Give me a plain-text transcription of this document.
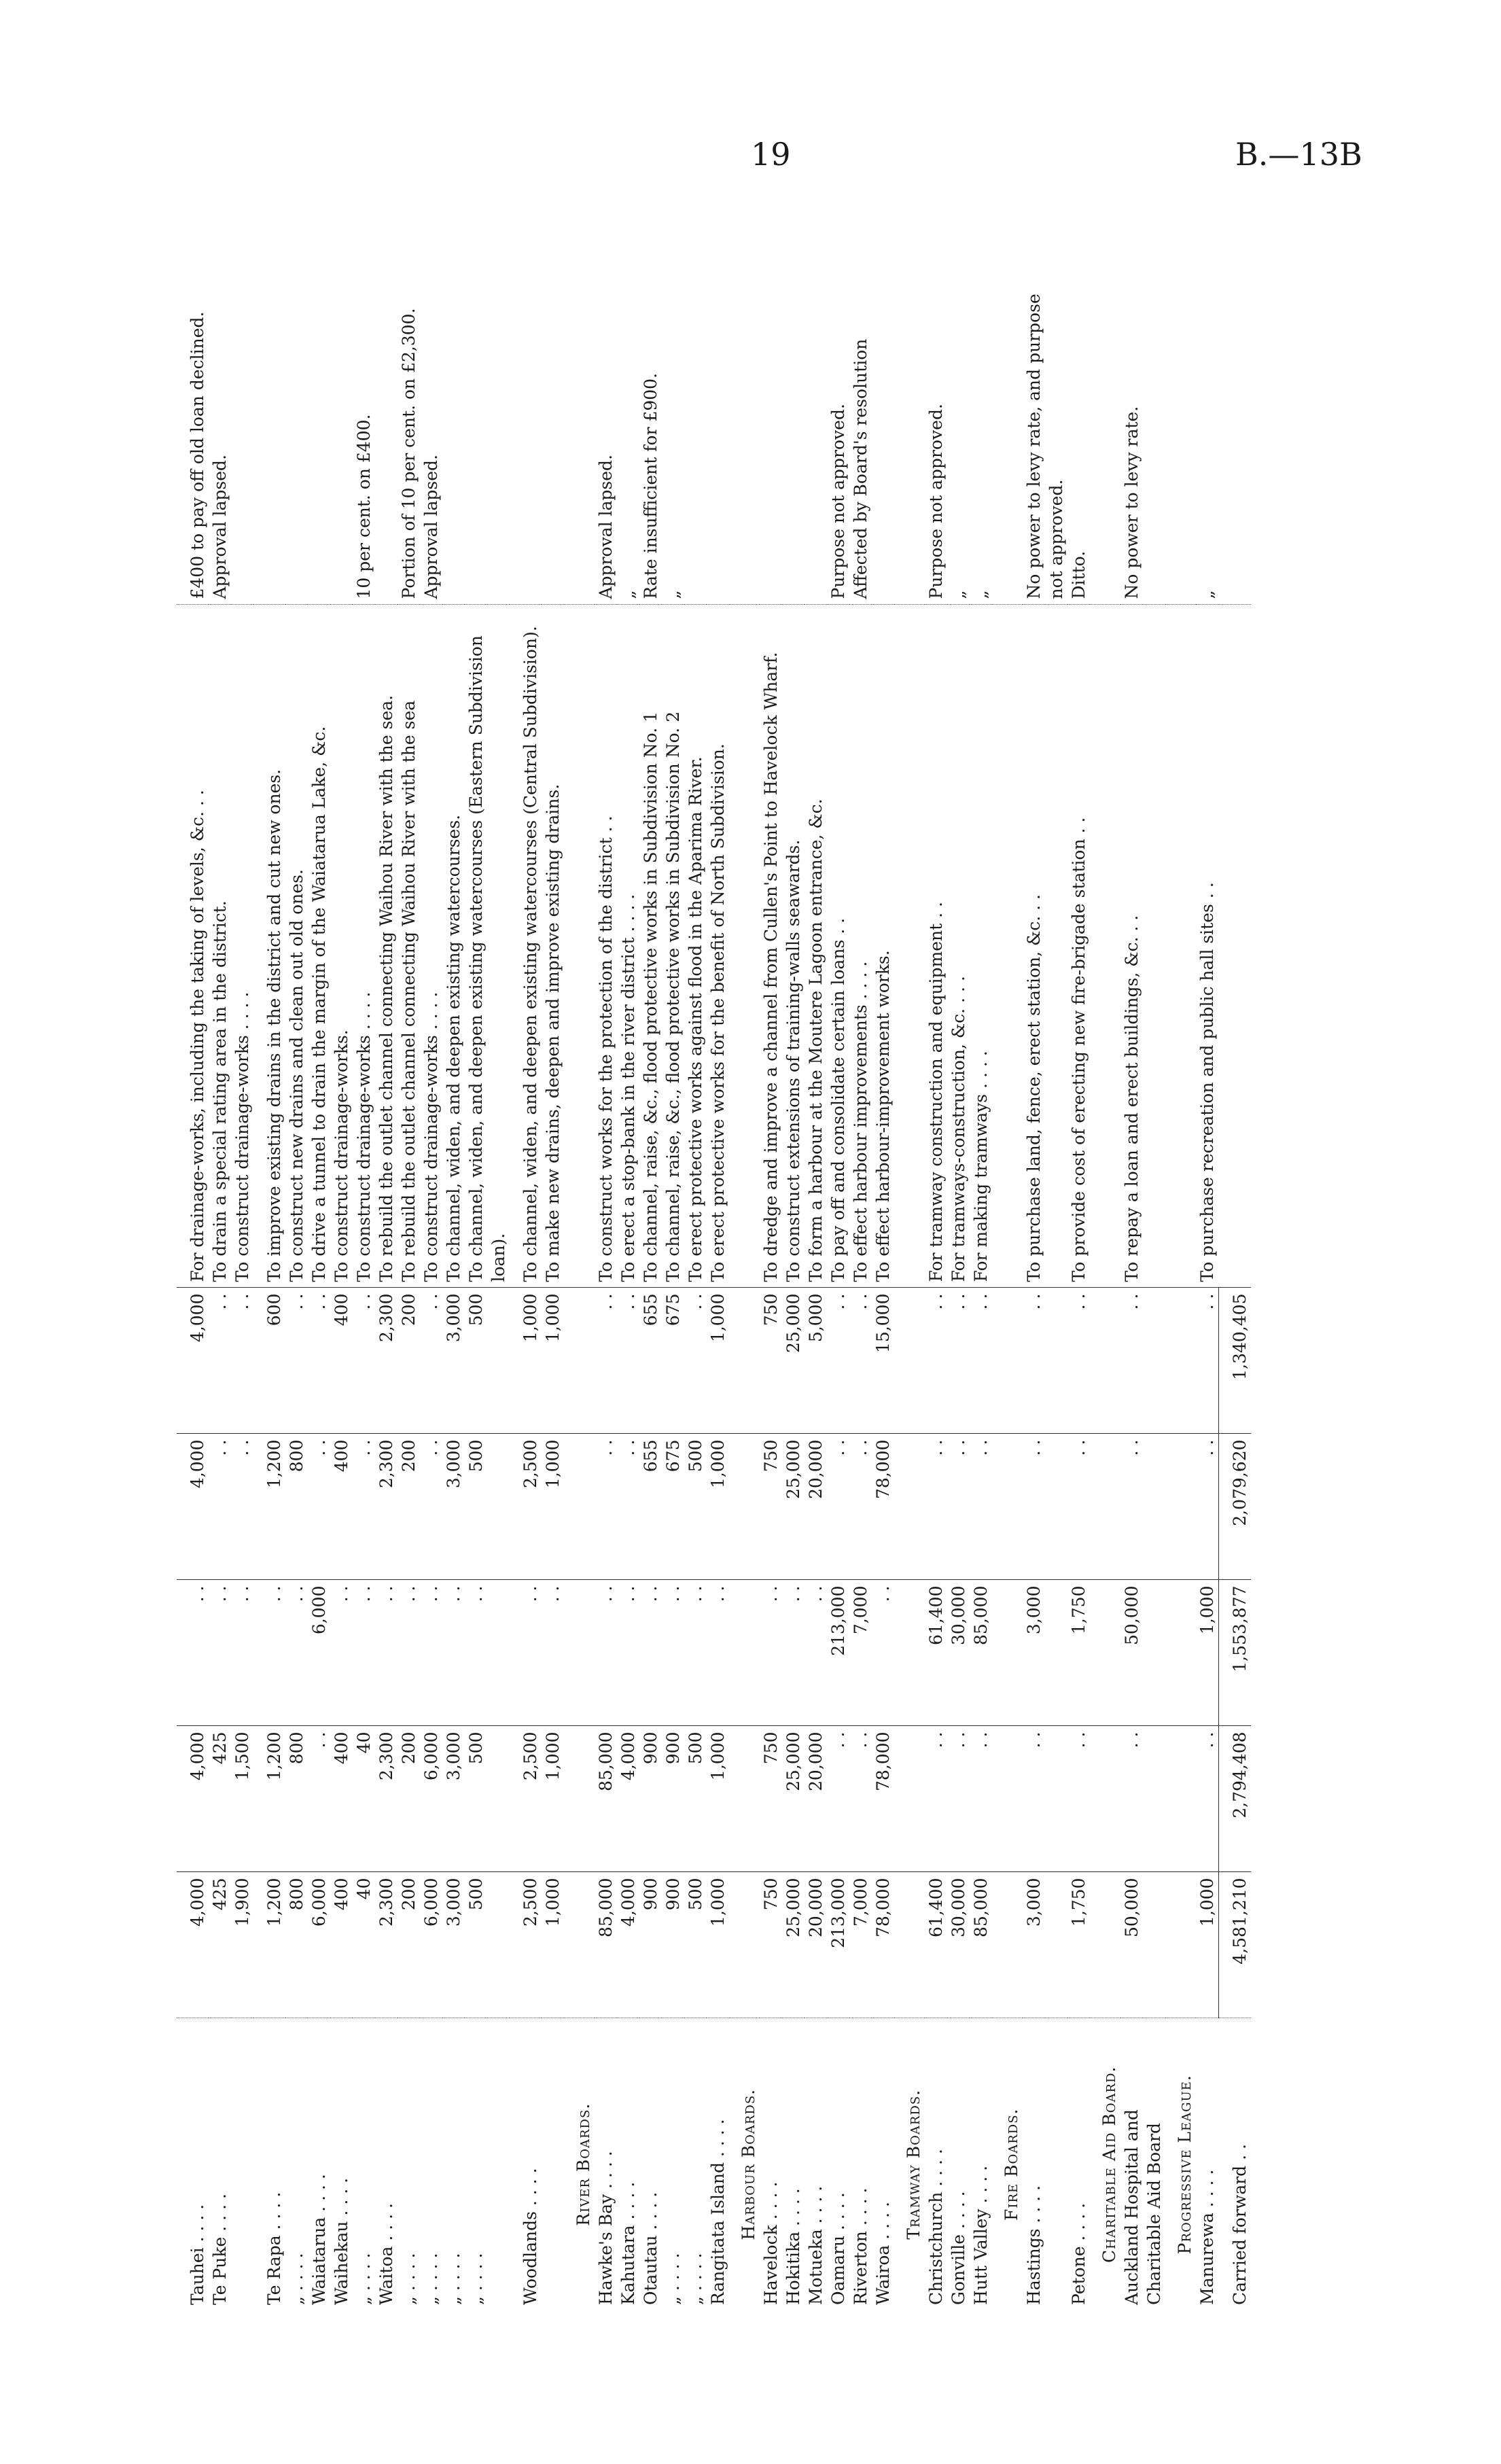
19	B.—13B
Tauhei . . . .	4,000	4,000	. .	4,000	4,000	For drainage-works, including the taking of levels, &c. . .	£400 to pay off old loan declined.
Te Puke . . . .	425	425	. .	. .	. .	To drain a special rating area in the district.	Approval lapsed.
	1,900	1,500	. .	. .	. .	To construct drainage-works . . . .	
Te Rapa . . . .	1,200	1,200	. .	1,200	600	To improve existing drains in the district and cut new ones.	
„ . . . .	800	800	. .	800	. .	To construct new drains and clean out old ones.	
Waiatarua . . . .	6,000	. .	6,000	. .	. .	To drive a tunnel to drain the margin of the Waiatarua Lake, &c.	
Waihekau . . . .	400	400	. .	400	400	To construct drainage-works.	
„ . . . .	40	40	. .	. .	. .	To construct drainage-works . . . .	10 per cent. on £400.
Waitoa . . . .	2,300	2,300	. .	2,300	2,300	To rebuild the outlet channel connecting Waihou River with the sea.	
„ . . . .	200	200	. .	200	200	To rebuild the outlet channel connecting Waihou River with the sea	Portion of 10 per cent. on £2,300.
„ . . . .	6,000	6,000	. .	. .	. .	To construct drainage-works . . . .	Approval lapsed.
„ . . . .	3,000	3,000	. .	3,000	3,000	To channel, widen, and deepen existing watercourses.	
„ . . . .	500	500	. .	500	500	To channel, widen, and deepen existing watercourses (Eastern Subdivision	
						loan).	
Woodlands . . . .	2,500	2,500	. .	2,500	1,000	To channel, widen, and deepen existing watercourses (Central Subdivision).	
	1,000	1,000	. .	1,000	1,000	To make new drains, deepen and improve existing drains.	
River Boards.							
Hawke's Bay . . . .	85,000	85,000	. .	. .	. .	To construct works for the protection of the district . .	Approval lapsed.
Kahutara . . . .	4,000	4,000	. .	. .	. .	To erect a stop-bank in the river district . . . .	„
Otautau . . . .	900	900	. .	655	655	To channel, raise, &c., flood protective works in Subdivision No. 1	Rate insufficient for £900.
„ . . . .	900	900	. .	675	675	To channel, raise, &c., flood protective works in Subdivision No. 2	„
„ . . . .	500	500	. .	500	. .	To erect protective works against flood in the Aparima River.	
Rangitata Island . . . .	1,000	1,000	. .	1,000	1,000	To erect protective works for the benefit of North Subdivision.	
Harbour Boards.							
Havelock . . . .	750	750	. .	750	750	To dredge and improve a channel from Cullen's Point to Havelock Wharf.	
Hokitika . . . .	25,000	25,000	. .	25,000	25,000	To construct extensions of training-walls seawards.	
Motueka . . . .	20,000	20,000	. .	20,000	5,000	To form a harbour at the Moutere Lagoon entrance, &c.	
Oamaru . . . .	213,000	. .	213,000	. .	. .	To pay off and consolidate certain loans . .	Purpose not approved.
Riverton . . . .	7,000	. .	7,000	. .	. .	To effect harbour improvements . . . .	Affected by Board's resolution
Wairoa . . . .	78,000	78,000	. .	78,000	15,000	To effect harbour-improvement works.	
Tramway Boards.							
Christchurch . . . .	61,400	. .	61,400	. .	. .	For tramway construction and equipment . .	Purpose not approved.
Gonville . . . .	30,000	. .	30,000	. .	. .	For tramways-construction, &c. . . .	„
Hutt Valley . . . .	85,000	. .	85,000	. .	. .	For making tramways . . . .	„
Fire Boards.							
Hastings . . . .	3,000	. .	3,000	. .	. .	To purchase land, fence, erect station, &c. . .	No power to levy rate, and purpose
							not approved.
Petone . . . .	1,750	. .	1,750	. .	. .	To provide cost of erecting new fire-brigade station . .	Ditto.
Charitable Aid Board.							
Auckland Hospital and	50,000	. .	50,000	. .	. .	To repay a loan and erect buildings, &c. . .	No power to levy rate.
Charitable Aid Board							
Progressive League.							
Manurewa . . . .	1,000	. .	1,000	. .	. .	To purchase recreation and public hall sites . .	„
Carried forward . .	4,581,210	2,794,408	1,553,877	2,079,620	1,340,405		
